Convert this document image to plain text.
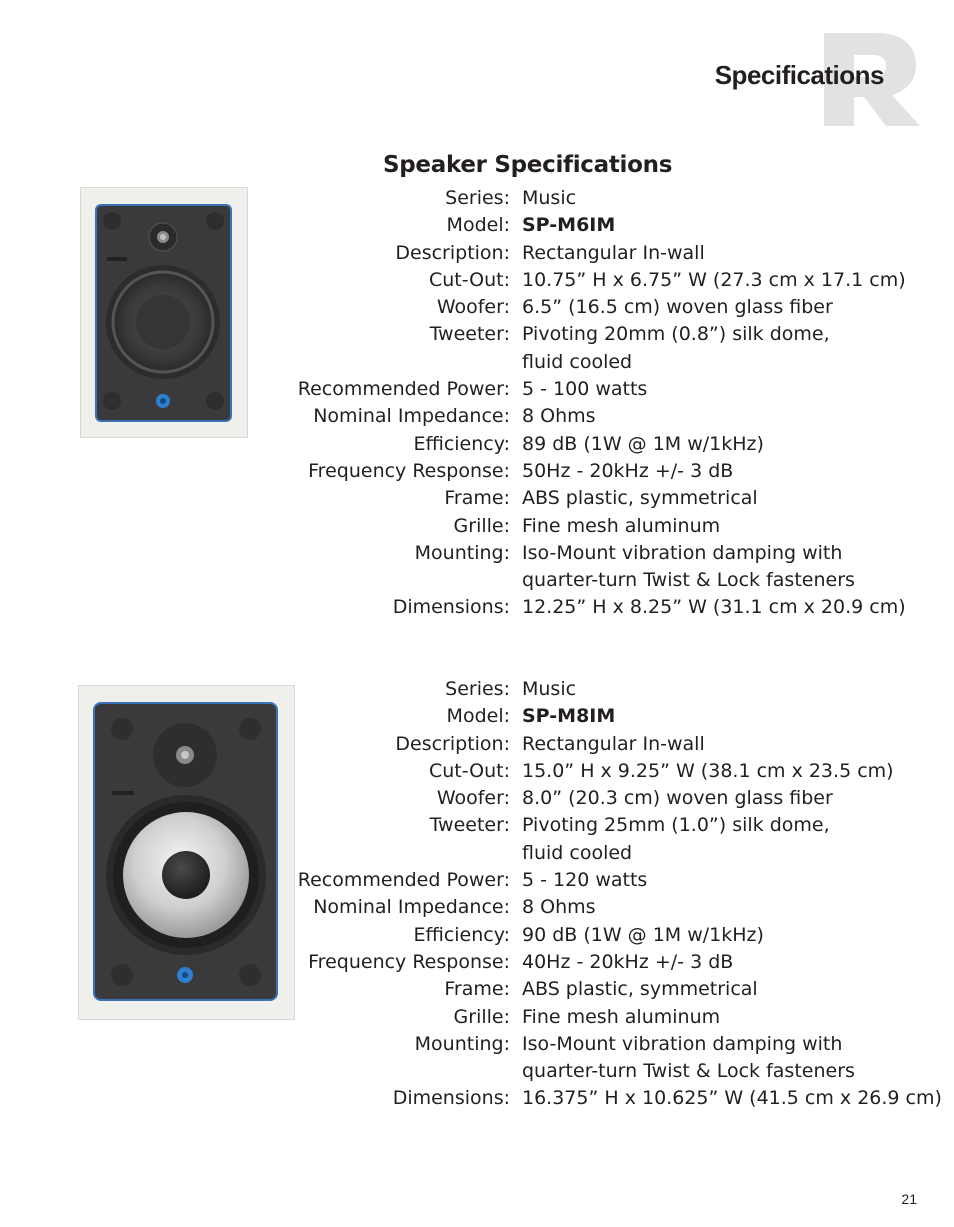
Specifications
Speaker Specifications
Series: Music
Model: SP-M6IM
Description: Rectangular In-wall
Cut-Out: 10.75” H x 6.75” W (27.3 cm x 17.1 cm)
Woofer: 6.5” (16.5 cm) woven glass fiber
Tweeter: Pivoting 20mm (0.8”) silk dome,
fluid cooled
Recommended Power: 5 - 100 watts
Nominal Impedance: 8 Ohms
Efficiency: 89 dB (1W @ 1M w/1kHz)
Frequency Response: 50Hz - 20kHz +/- 3 dB
Frame: ABS plastic, symmetrical
Grille: Fine mesh aluminum
Mounting: Iso-Mount vibration damping with
quarter-turn Twist & Lock fasteners
Dimensions: 12.25” H x 8.25” W (31.1 cm x 20.9 cm)
Series: Music
Model: SP-M8IM
Description: Rectangular In-wall
Cut-Out: 15.0” H x 9.25” W (38.1 cm x 23.5 cm)
Woofer: 8.0” (20.3 cm) woven glass fiber
Tweeter: Pivoting 25mm (1.0”) silk dome,
fluid cooled
Recommended Power: 5 - 120 watts
Nominal Impedance: 8 Ohms
Efficiency: 90 dB (1W @ 1M w/1kHz)
Frequency Response: 40Hz - 20kHz +/- 3 dB
Frame: ABS plastic, symmetrical
Grille: Fine mesh aluminum
Mounting: Iso-Mount vibration damping with
quarter-turn Twist & Lock fasteners
Dimensions: 16.375” H x 10.625” W (41.5 cm x 26.9 cm)
21
